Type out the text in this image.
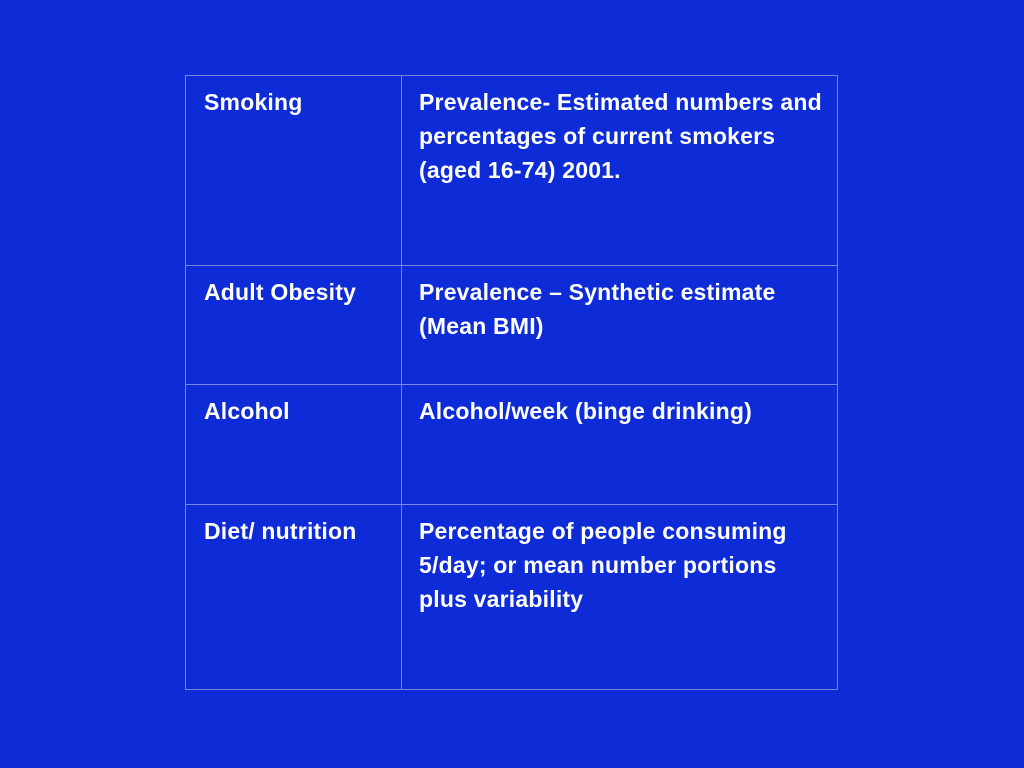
Smoking	Prevalence- Estimated numbers and percentages of current smokers (aged 16-74) 2001.
Adult Obesity	Prevalence – Synthetic estimate (Mean BMI)
Alcohol	Alcohol/week (binge drinking)
Diet/ nutrition	Percentage of people consuming 5/day; or mean number portions plus variability
